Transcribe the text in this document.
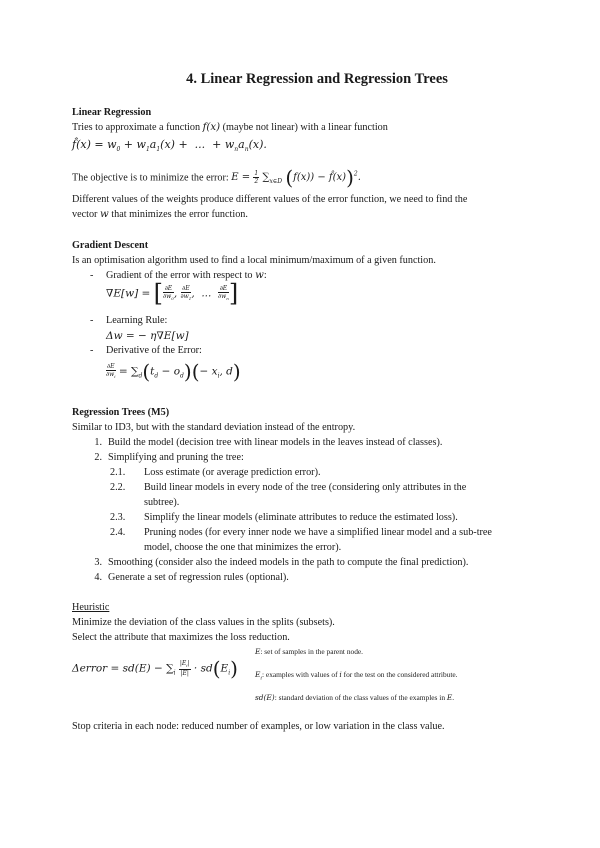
4. Linear Regression and Regression Trees
Linear Regression
Tries to approximate a function f(x) (maybe not linear) with a linear function
f̂(x) = $w_0 + w_1a_1(x)$ +  ...  + $w_na_n(x)$.
The objective is to minimize the error: $E = \frac{1}{2} \sum_{x\in D}$ (f(x)) − f̂(x))$^2$.
Different values of the weights produce different values of the error function, we need to find the
vector w that minimizes the error function.
Gradient Descent
Is an optimisation algorithm used to find a local minimum/maximum of a given function.
- Gradient of the error with respect to w:
∇E[w] = [ $\frac{\partial E}{\partial w_0}$ , $\frac{\partial E}{\partial w_1}$ ,  ... $\frac{\partial E}{\partial w_n}$ ]
- Learning Rule:
Δw = − η∇E[w]
- Derivative of the Error:
$\frac{\partial E}{\partial w_i} = \sum_d(t_d - o_d)(- x_i$, d)
Regression Trees (M5)
Similar to ID3, but with the standard deviation instead of the entropy.
1. Build the model (decision tree with linear models in the leaves instead of classes).
2. Simplifying and pruning the tree:
2.1. Loss estimate (or average prediction error).
2.2. Build linear models in every node of the tree (considering only attributes in the
subtree).
2.3. Simplify the linear models (eliminate attributes to reduce the estimated loss).
2.4. Pruning nodes (for every inner node we have a simplified linear model and a sub-tree
model, choose the one that minimizes the error).
3. Smoothing (consider also the indeed models in the path to compute the final prediction).
4. Generate a set of regression rules (optional).
Heuristic
Minimize the deviation of the class values in the splits (subsets).
Select the attribute that maximizes the loss reduction.
Δerror = $sd(E) - \sum_i \frac{|E_i|}{|E|} \cdot sd(E_i)$
E: set of samples in the parent node.
$E_i$: examples with values of i for the test on the considered attribute.
sd(E): standard deviation of the class values of the examples in E.
Stop criteria in each node: reduced number of examples, or low variation in the class value.
